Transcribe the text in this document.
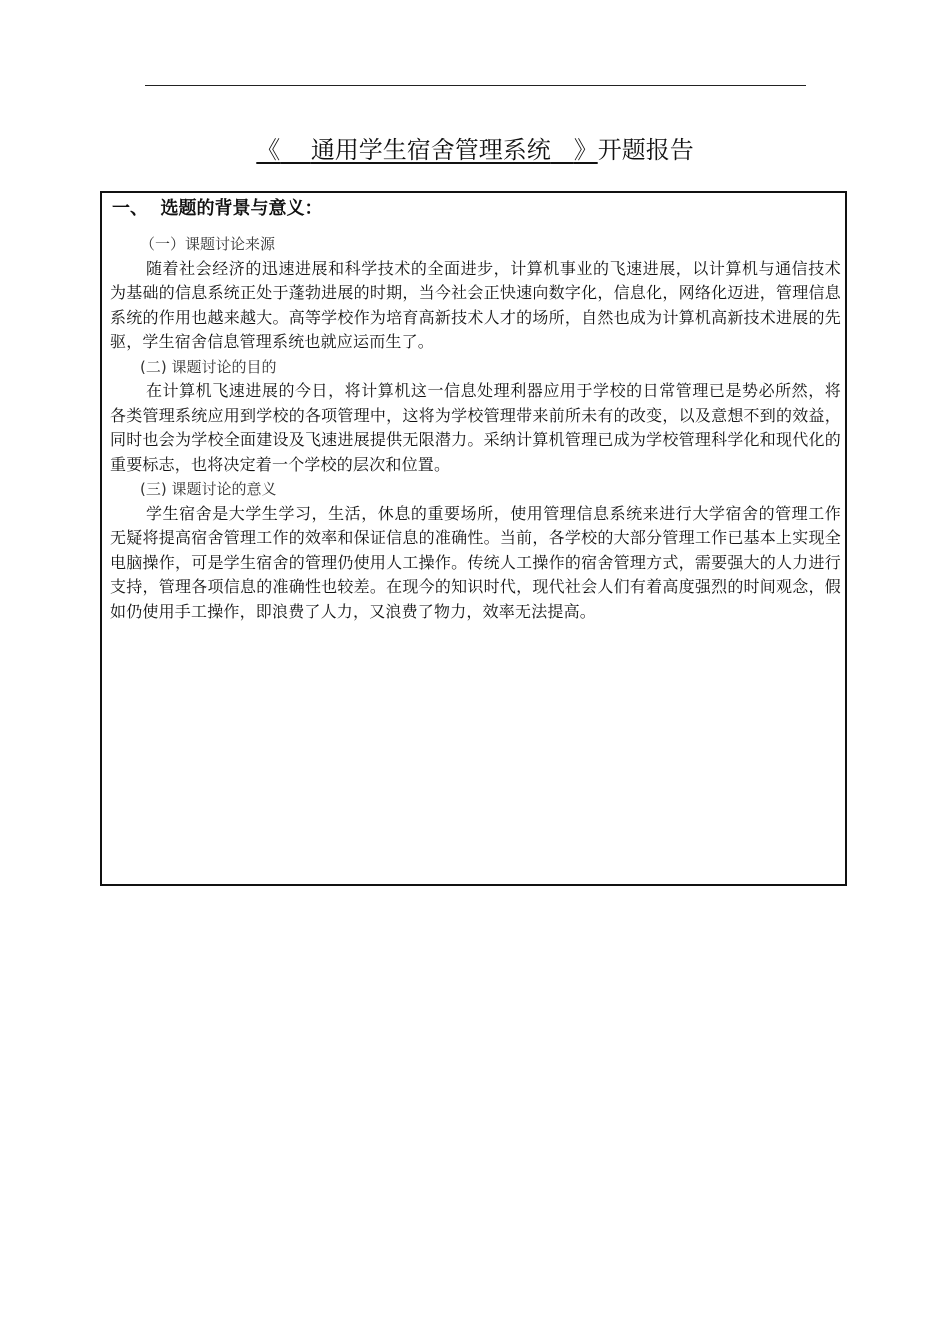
《 通用学生宿舍管理系统 》开题报告
一、  选题的背景与意义：

（一）课题讨论来源

随着社会经济的迅速进展和科学技术的全面进步，计算机事业的飞速进展，以计算机与通信技术为基础的信息系统正处于蓬勃进展的时期，当今社会正快速向数字化，信息化，网络化迈进，管理信息系统的作用也越来越大。高等学校作为培育高新技术人才的场所，自然也成为计算机高新技术进展的先驱，学生宿舍信息管理系统也就应运而生了。

(二) 课题讨论的目的

在计算机飞速进展的今日，将计算机这一信息处理利器应用于学校的日常管理已是势必所然，将各类管理系统应用到学校的各项管理中，这将为学校管理带来前所未有的改变，以及意想不到的效益，同时也会为学校全面建设及飞速进展提供无限潜力。采纳计算机管理已成为学校管理科学化和现代化的重要标志，也将决定着一个学校的层次和位置。

(三) 课题讨论的意义

学生宿舍是大学生学习，生活，休息的重要场所，使用管理信息系统来进行大学宿舍的管理工作无疑将提高宿舍管理工作的效率和保证信息的准确性。当前，各学校的大部分管理工作已基本上实现全电脑操作，可是学生宿舍的管理仍使用人工操作。传统人工操作的宿舍管理方式，需要强大的人力进行支持，管理各项信息的准确性也较差。在现今的知识时代，现代社会人们有着高度强烈的时间观念，假如仍使用手工操作，即浪费了人力，又浪费了物力，效率无法提高。
